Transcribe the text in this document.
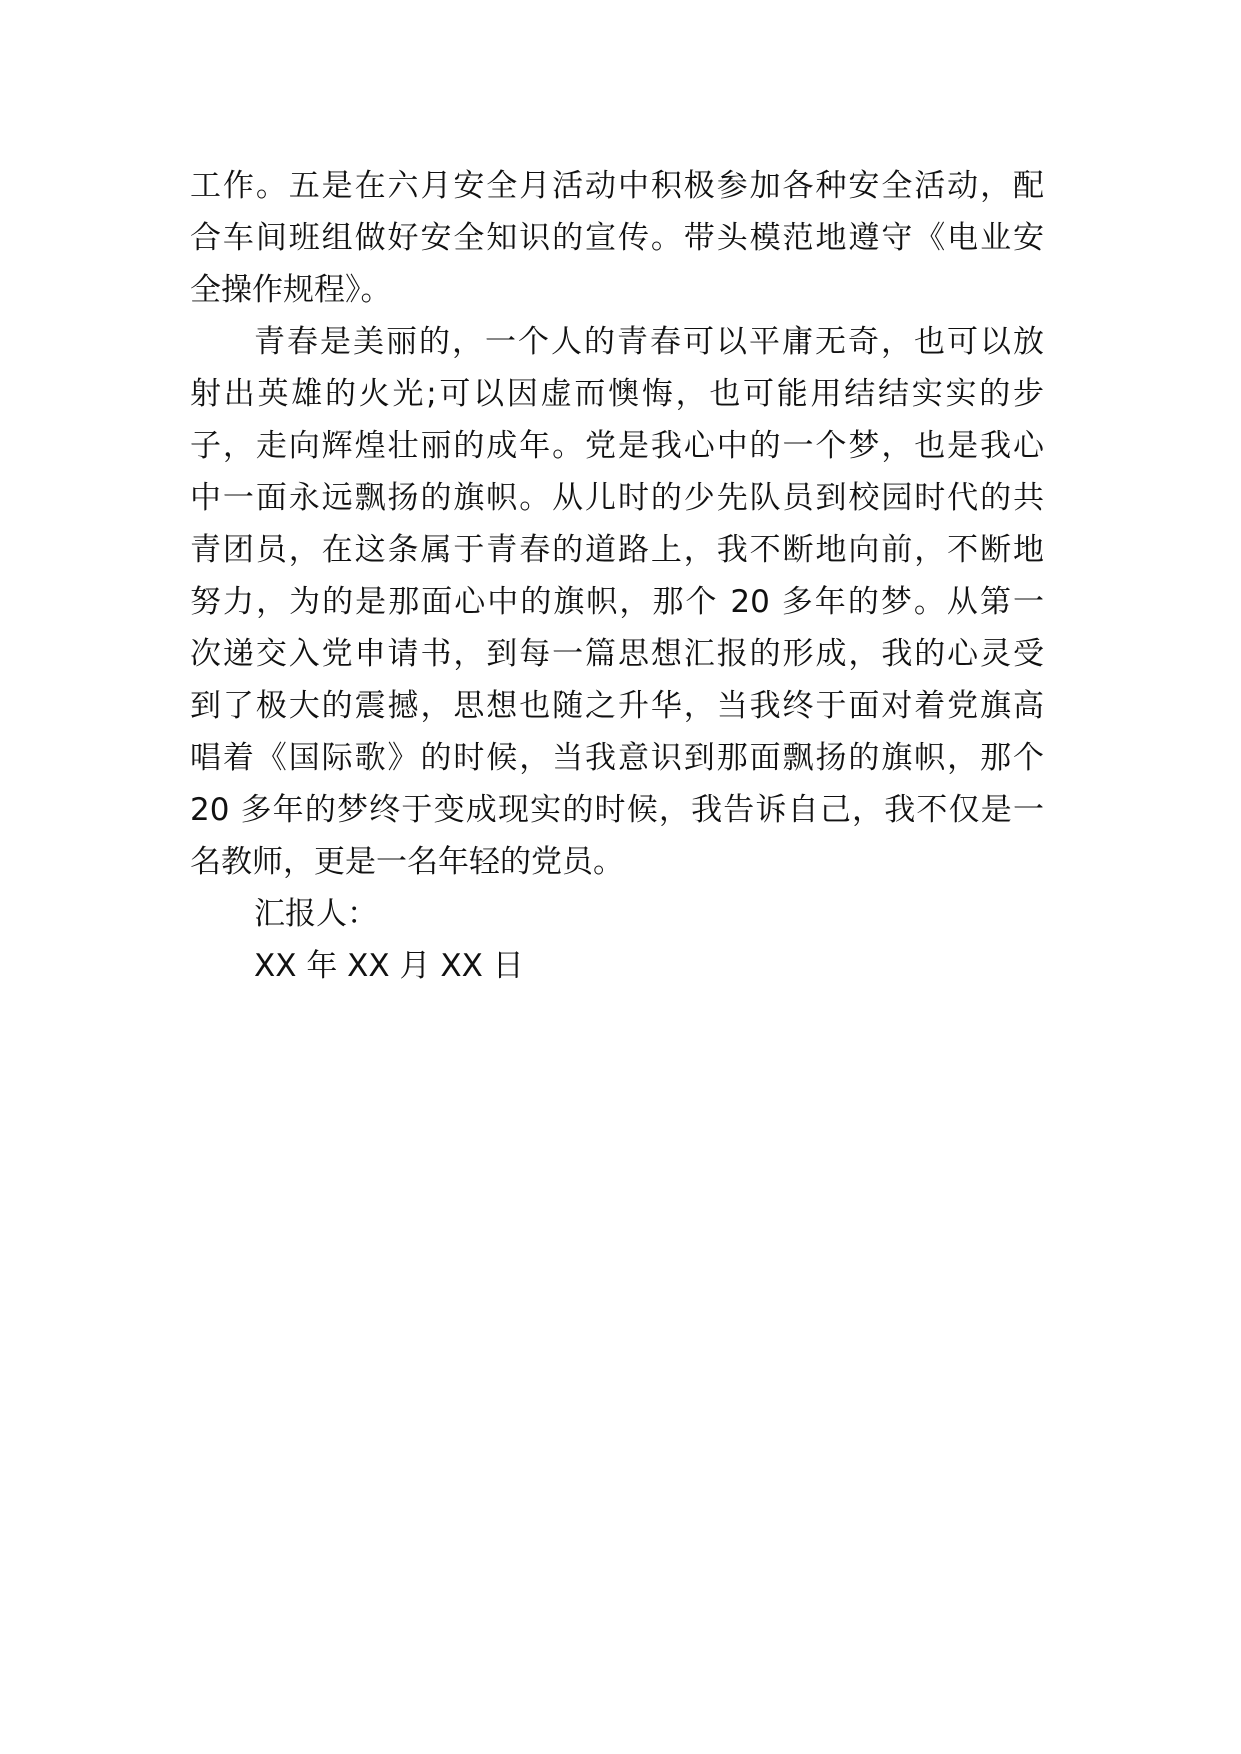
工作。五是在六月安全月活动中积极参加各种安全活动，配
合车间班组做好安全知识的宣传。带头模范地遵守《电业安
全操作规程》。
青春是美丽的，一个人的青春可以平庸无奇，也可以放
射出英雄的火光;可以因虚而懊悔，也可能用结结实实的步
子，走向辉煌壮丽的成年。党是我心中的一个梦，也是我心
中一面永远飘扬的旗帜。从儿时的少先队员到校园时代的共
青团员，在这条属于青春的道路上，我不断地向前，不断地
努力，为的是那面心中的旗帜，那个 20 多年的梦。从第一
次递交入党申请书，到每一篇思想汇报的形成，我的心灵受
到了极大的震撼，思想也随之升华，当我终于面对着党旗高
唱着《国际歌》的时候，当我意识到那面飘扬的旗帜，那个
20 多年的梦终于变成现实的时候，我告诉自己，我不仅是一
名教师，更是一名年轻的党员。
汇报人：
XX 年 XX 月 XX 日
